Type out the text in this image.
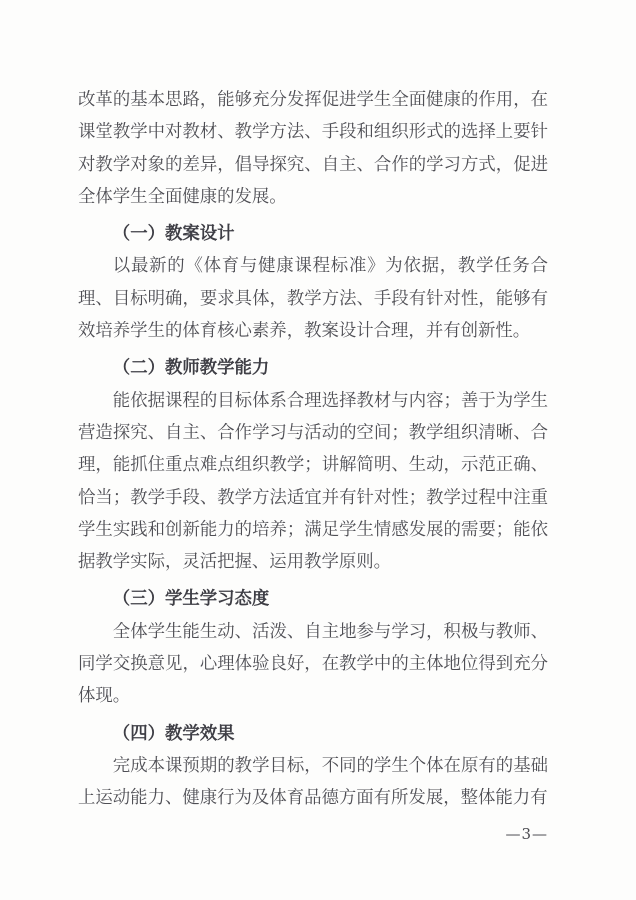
改革的基本思路，能够充分发挥促进学生全面健康的作用，在课堂教学中对教材、教学方法、手段和组织形式的选择上要针对教学对象的差异，倡导探究、自主、合作的学习方式，促进全体学生全面健康的发展。

（一）教案设计

以最新的《体育与健康课程标准》为依据，教学任务合理、目标明确，要求具体，教学方法、手段有针对性，能够有效培养学生的体育核心素养，教案设计合理，并有创新性。

（二）教师教学能力

能依据课程的目标体系合理选择教材与内容；善于为学生营造探究、自主、合作学习与活动的空间；教学组织清晰、合理，能抓住重点难点组织教学；讲解简明、生动，示范正确、恰当；教学手段、教学方法适宜并有针对性；教学过程中注重学生实践和创新能力的培养；满足学生情感发展的需要；能依据教学实际，灵活把握、运用教学原则。

（三）学生学习态度

全体学生能生动、活泼、自主地参与学习，积极与教师、同学交换意见，心理体验良好，在教学中的主体地位得到充分体现。

（四）教学效果

完成本课预期的教学目标，不同的学生个体在原有的基础上运动能力、健康行为及体育品德方面有所发展，整体能力有

—3—
